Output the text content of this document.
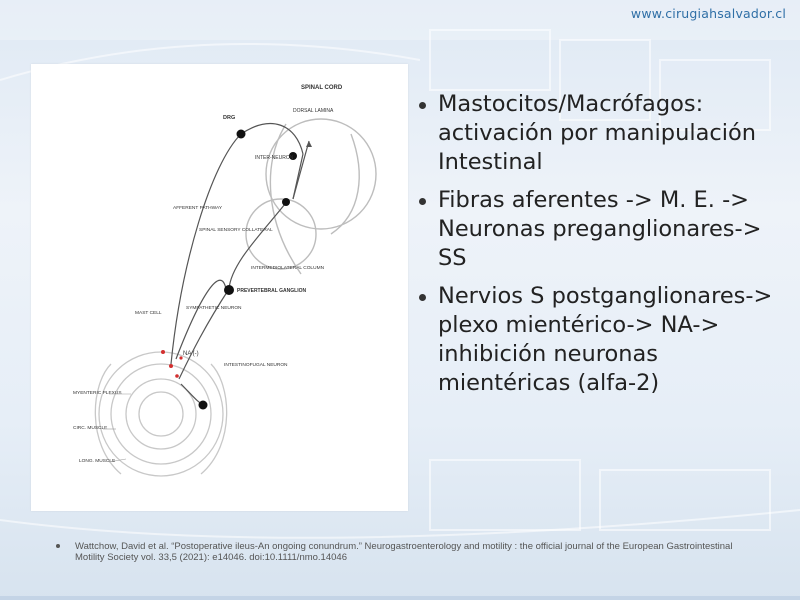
www.cirugiahsalvador.cl
SPINAL CORD
DRG
DORSAL LAMINA
INTER-NEURON
AFFERENT PATHWAY
SPINAL SENSORY COLLATERAL
INTERMEDIOLATERAL COLUMN
PREVERTEBRAL GANGLION
SYMPATHETIC NEURON
MAST CELL
NA (-)
INTESTINOFUGAL NEURON
MYENTERIC PLEXUS
CIRC. MUSCLE
LONG. MUSCLE
Mastocitos/Macrófagos: activación por manipulación Intestinal
Fibras aferentes -> M. E. -> Neuronas preganglionares-> SS
Nervios S postganglionares-> plexo mientérico-> NA-> inhibición neuronas mientéricas (alfa-2)
Wattchow, David et al. “Postoperative ileus-An ongoing conundrum.” Neurogastroenterology and motility : the official journal of the European Gastrointestinal Motility Society vol. 33,5 (2021): e14046. doi:10.1111/nmo.14046
